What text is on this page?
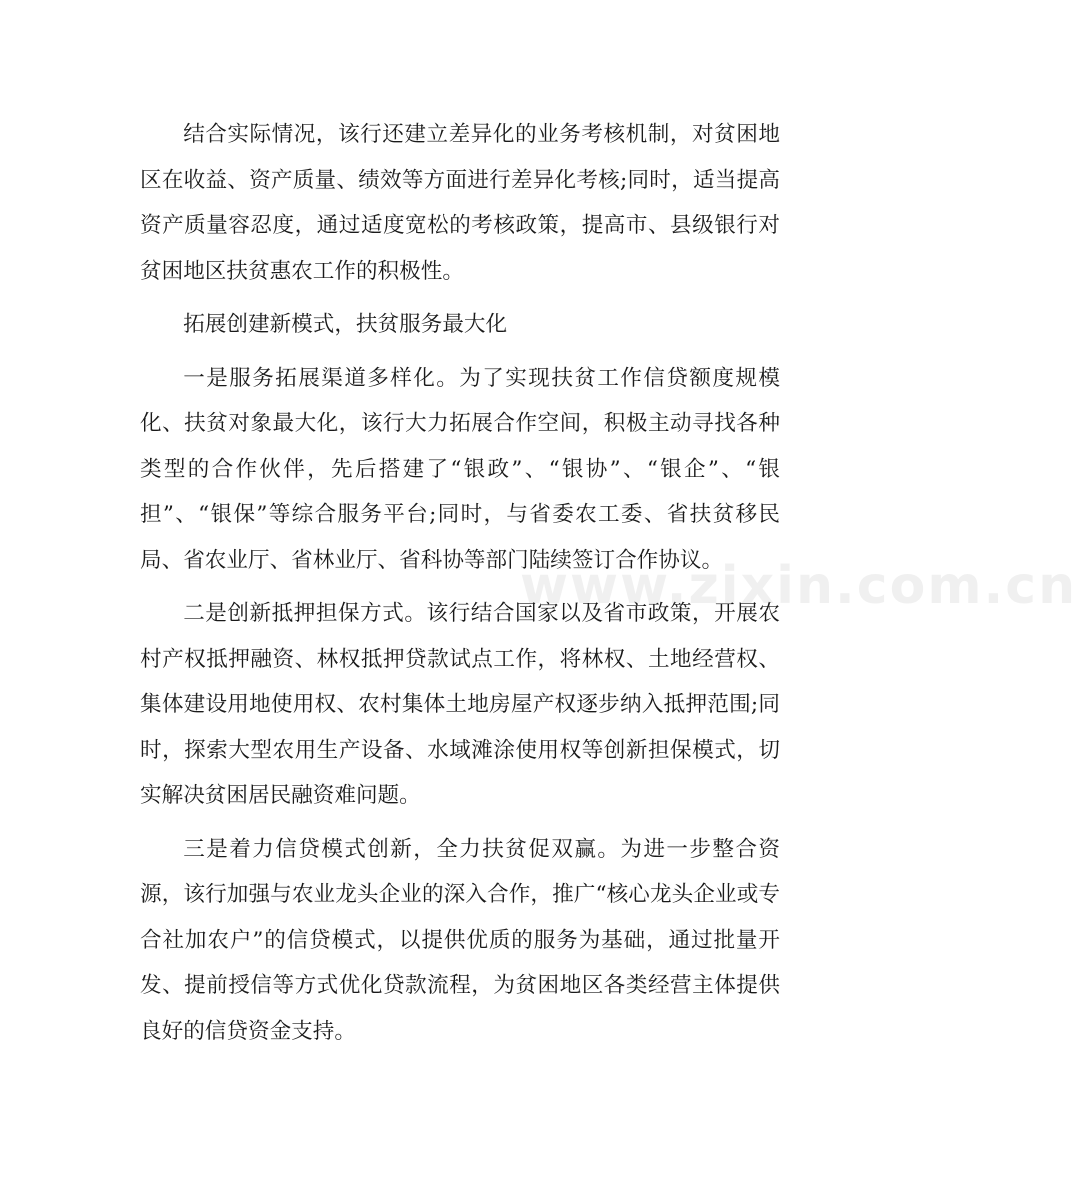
结合实际情况，该行还建立差异化的业务考核机制，对贫困地区在收益、资产质量、绩效等方面进行差异化考核;同时，适当提高资产质量容忍度，通过适度宽松的考核政策，提高市、县级银行对贫困地区扶贫惠农工作的积极性。

拓展创建新模式，扶贫服务最大化

一是服务拓展渠道多样化。为了实现扶贫工作信贷额度规模化、扶贫对象最大化，该行大力拓展合作空间，积极主动寻找各种类型的合作伙伴，先后搭建了“银政”、“银协”、“银企”、“银担”、“银保”等综合服务平台;同时，与省委农工委、省扶贫移民局、省农业厅、省林业厅、省科协等部门陆续签订合作协议。

二是创新抵押担保方式。该行结合国家以及省市政策，开展农村产权抵押融资、林权抵押贷款试点工作，将林权、土地经营权、集体建设用地使用权、农村集体土地房屋产权逐步纳入抵押范围;同时，探索大型农用生产设备、水域滩涂使用权等创新担保模式，切实解决贫困居民融资难问题。

三是着力信贷模式创新，全力扶贫促双赢。为进一步整合资源，该行加强与农业龙头企业的深入合作，推广“核心龙头企业或专合社加农户”的信贷模式，以提供优质的服务为基础，通过批量开发、提前授信等方式优化贷款流程，为贫困地区各类经营主体提供良好的信贷资金支持。

www.zixin.com.cn
